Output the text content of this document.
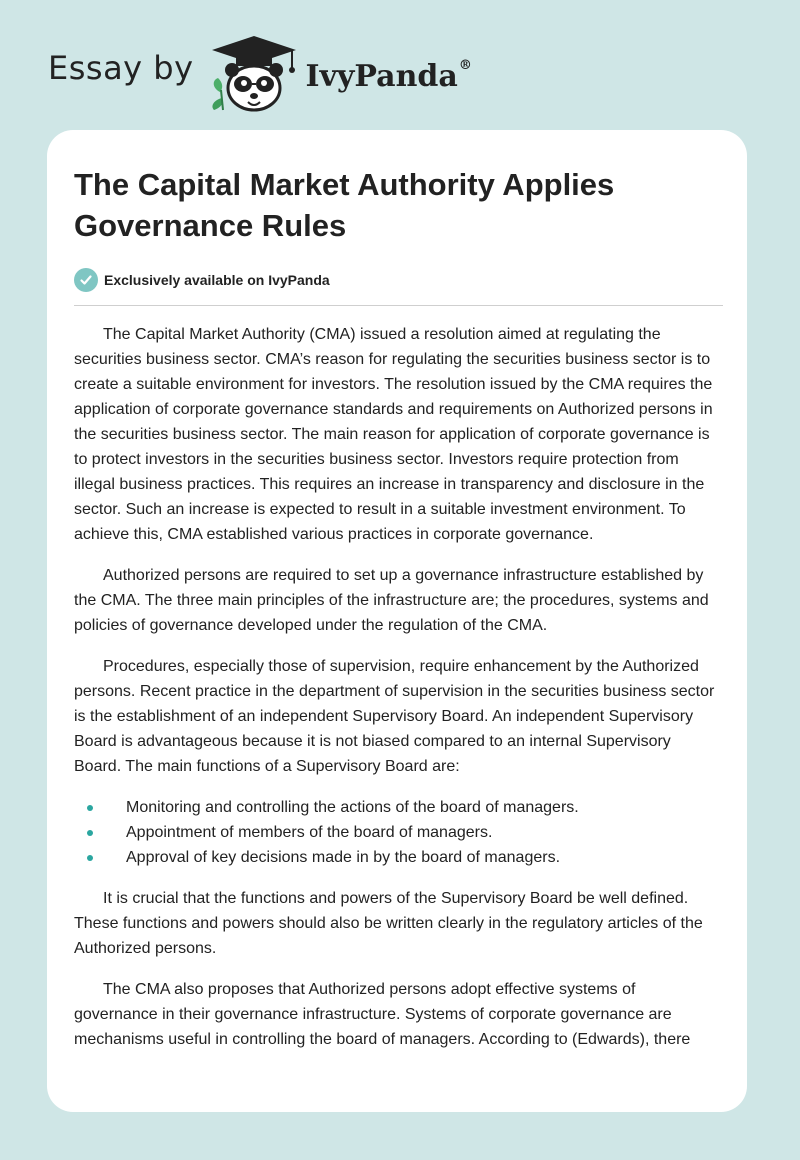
Essay by	IvyPanda®
The Capital Market Authority Applies Governance Rules
Exclusively available on IvyPanda

The Capital Market Authority (CMA) issued a resolution aimed at regulating the securities business sector. CMA’s reason for regulating the securities business sector is to create a suitable environment for investors. The resolution issued by the CMA requires the application of corporate governance standards and requirements on Authorized persons in the securities business sector. The main reason for application of corporate governance is to protect investors in the securities business sector. Investors require protection from illegal business practices. This requires an increase in transparency and disclosure in the sector. Such an increase is expected to result in a suitable investment environment. To achieve this, CMA established various practices in corporate governance.

Authorized persons are required to set up a governance infrastructure established by the CMA. The three main principles of the infrastructure are; the procedures, systems and policies of governance developed under the regulation of the CMA.

Procedures, especially those of supervision, require enhancement by the Authorized persons. Recent practice in the department of supervision in the securities business sector is the establishment of an independent Supervisory Board. An independent Supervisory Board is advantageous because it is not biased compared to an internal Supervisory Board. The main functions of a Supervisory Board are:

Monitoring and controlling the actions of the board of managers.
Appointment of members of the board of managers.
Approval of key decisions made in by the board of managers.

It is crucial that the functions and powers of the Supervisory Board be well defined. These functions and powers should also be written clearly in the regulatory articles of the Authorized persons.

The CMA also proposes that Authorized persons adopt effective systems of governance in their governance infrastructure. Systems of corporate governance are mechanisms useful in controlling the board of managers. According to (Edwards), there
